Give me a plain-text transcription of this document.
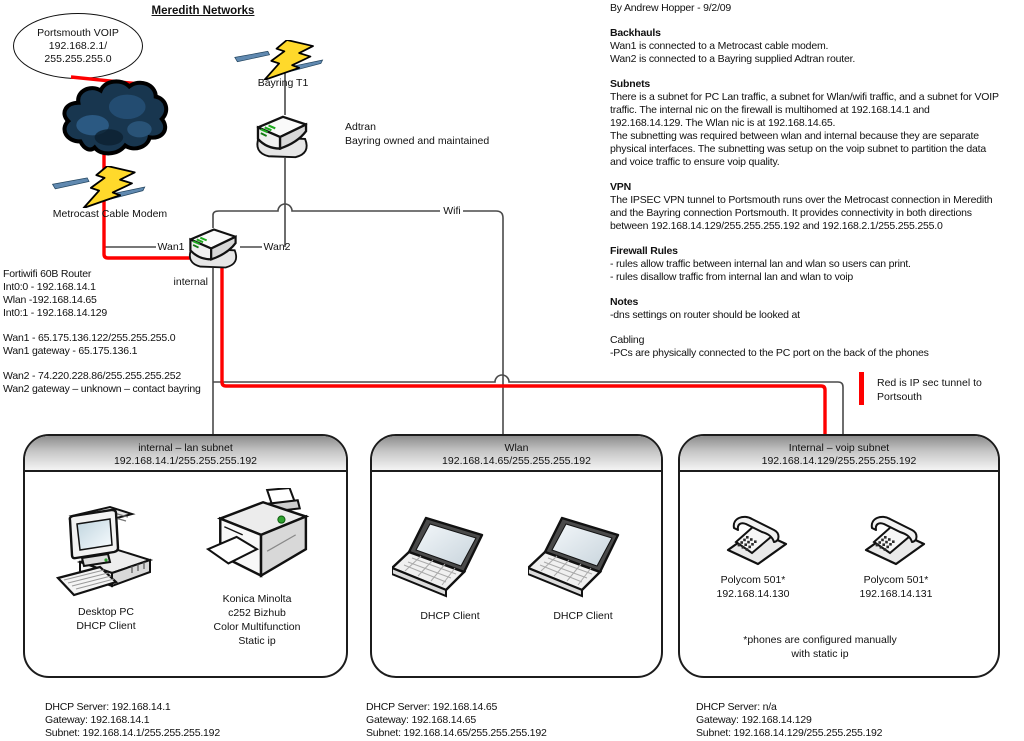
Portsmouth VOIP
192.168.2.1/
255.255.255.0
Meredith Networks
Bayring T1
Metrocast Cable Modem
Adtran
Bayring owned and maintained
Wan1	Wan2
Wifi
internal
Fortiwifi 60B Router
Int0:0 - 192.168.14.1
Wlan -192.168.14.65
Int0:1 - 192.168.14.129
Wan1 - 65.175.136.122/255.255.255.0
Wan1 gateway - 65.175.136.1
Wan2 - 74.220.228.86/255.255.255.252
Wan2 gateway – unknown – contact bayring
By Andrew Hopper - 9/2/09
Backhauls
Wan1 is connected to a Metrocast cable modem.
Wan2 is connected to a Bayring supplied Adtran router.
Subnets
There is a subnet for PC Lan traffic, a subnet for Wlan/wifi traffic, and a subnet for VOIP
traffic. The internal nic on the firewall is multihomed at 192.168.14.1 and
192.168.14.129. The Wlan nic is at 192.168.14.65.
The subnetting was required between wlan and internal because they are separate
physical interfaces. The subnetting was setup on the voip subnet to partition the data
and voice traffic to ensure voip quality.
VPN
The IPSEC VPN tunnel to Portsmouth runs over the Metrocast connection in Meredith
and the Bayring connection Portsmouth. It provides connectivity in both directions
between 192.168.14.129/255.255.255.192 and 192.168.2.1/255.255.255.0
Firewall Rules
- rules allow traffic between internal lan and wlan so users can print.
- rules disallow traffic from internal lan and wlan to voip
Notes
-dns settings on router should be looked at
Cabling
-PCs are physically connected to the PC port on the back of the phones
Red is IP sec tunnel to
Portsouth
internal – lan subnet
192.168.14.1/255.255.255.192
Wlan
192.168.14.65/255.255.255.192
Internal – voip subnet
192.168.14.129/255.255.255.192
Desktop PC
DHCP Client
Konica Minolta
c252 Bizhub
Color Multifunction
Static ip
DHCP Client	DHCP Client
Polycom 501*
192.168.14.130
Polycom 501*
192.168.14.131
*phones are configured manually
with static ip
DHCP Server: 192.168.14.1
Gateway: 192.168.14.1
Subnet: 192.168.14.1/255.255.255.192
DHCP Server: 192.168.14.65
Gateway: 192.168.14.65
Subnet: 192.168.14.65/255.255.255.192
DHCP Server: n/a
Gateway: 192.168.14.129
Subnet: 192.168.14.129/255.255.255.192
